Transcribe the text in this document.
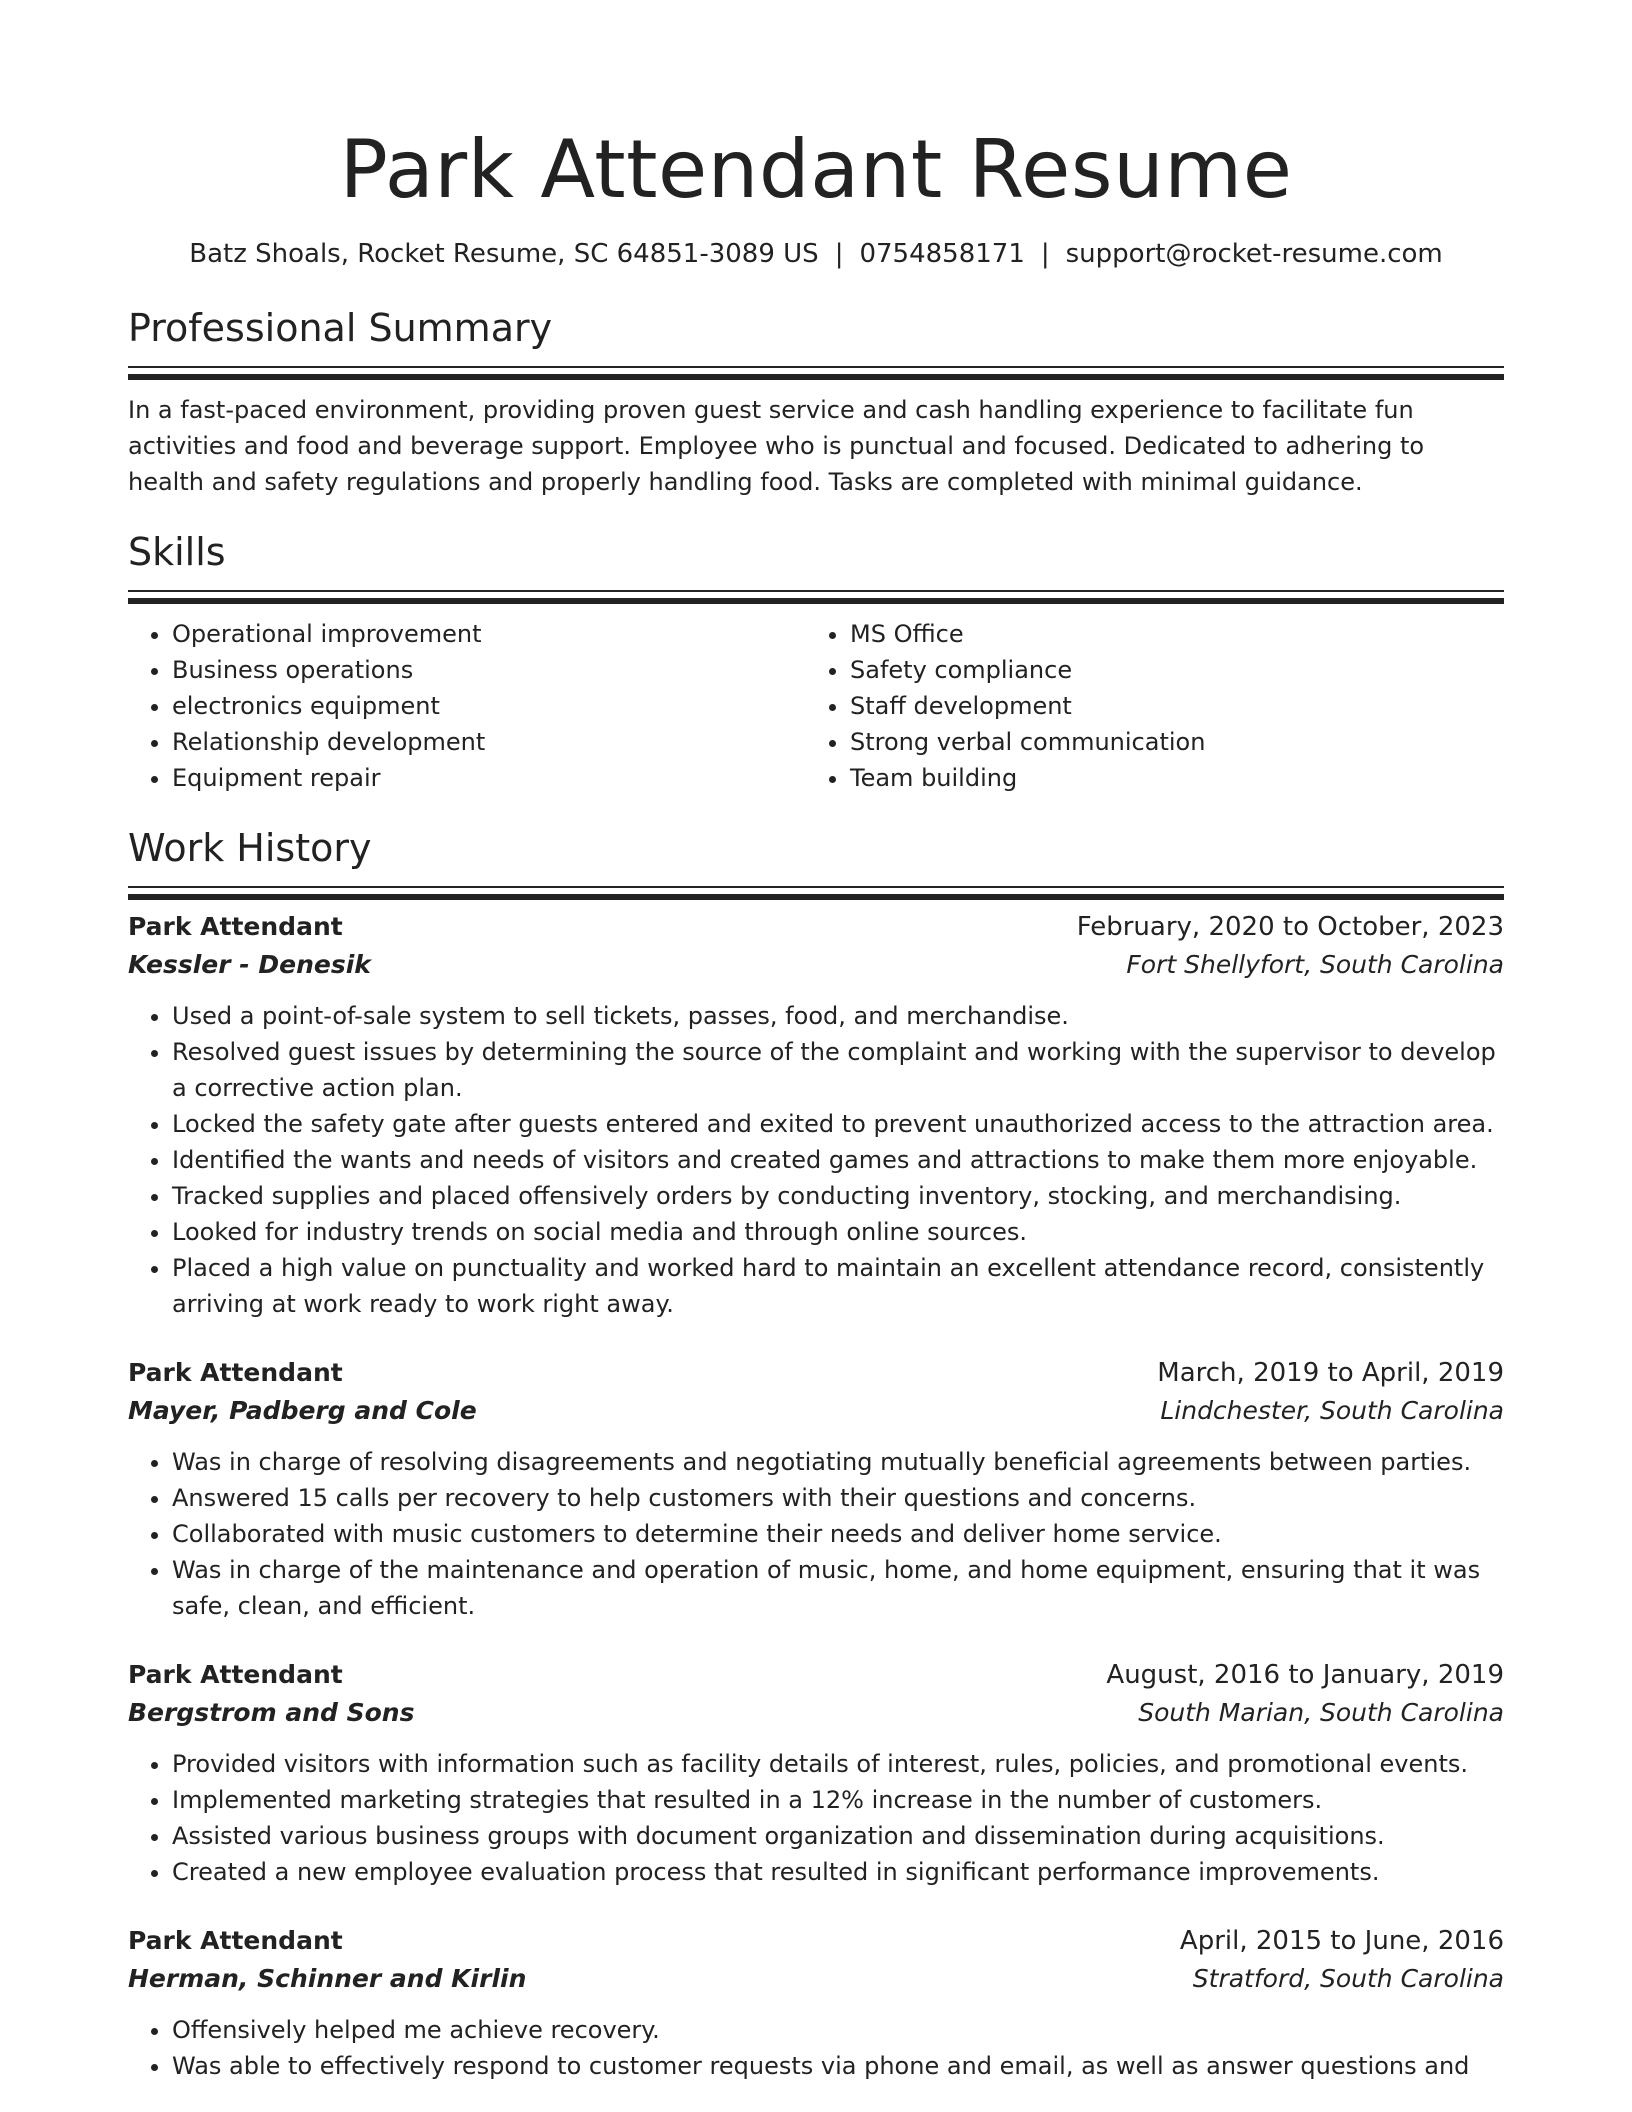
Park Attendant Resume
Batz Shoals, Rocket Resume, SC 64851-3089 US | 0754858171 | support@rocket-resume.com
Professional Summary

In a fast-paced environment, providing proven guest service and cash handling experience to facilitate fun activities and food and beverage support. Employee who is punctual and focused. Dedicated to adhering to health and safety regulations and properly handling food. Tasks are completed with minimal guidance.

Skills
• Operational improvement
• Business operations
• electronics equipment
• Relationship development
• Equipment repair
• MS Office
• Safety compliance
• Staff development
• Strong verbal communication
• Team building
Work History
Park Attendant	February, 2020 to October, 2023
Kessler - Denesik	Fort Shellyfort, South Carolina
• Used a point-of-sale system to sell tickets, passes, food, and merchandise.
• Resolved guest issues by determining the source of the complaint and working with the supervisor to develop a corrective action plan.
• Locked the safety gate after guests entered and exited to prevent unauthorized access to the attraction area.
• Identified the wants and needs of visitors and created games and attractions to make them more enjoyable.
• Tracked supplies and placed offensively orders by conducting inventory, stocking, and merchandising.
• Looked for industry trends on social media and through online sources.
• Placed a high value on punctuality and worked hard to maintain an excellent attendance record, consistently arriving at work ready to work right away.
Park Attendant	March, 2019 to April, 2019
Mayer, Padberg and Cole	Lindchester, South Carolina
• Was in charge of resolving disagreements and negotiating mutually beneficial agreements between parties.
• Answered 15 calls per recovery to help customers with their questions and concerns.
• Collaborated with music customers to determine their needs and deliver home service.
• Was in charge of the maintenance and operation of music, home, and home equipment, ensuring that it was safe, clean, and efficient.
Park Attendant	August, 2016 to January, 2019
Bergstrom and Sons	South Marian, South Carolina
• Provided visitors with information such as facility details of interest, rules, policies, and promotional events.
• Implemented marketing strategies that resulted in a 12% increase in the number of customers.
• Assisted various business groups with document organization and dissemination during acquisitions.
• Created a new employee evaluation process that resulted in significant performance improvements.
Park Attendant	April, 2015 to June, 2016
Herman, Schinner and Kirlin	Stratford, South Carolina
• Offensively helped me achieve recovery.
• Was able to effectively respond to customer requests via phone and email, as well as answer questions and
